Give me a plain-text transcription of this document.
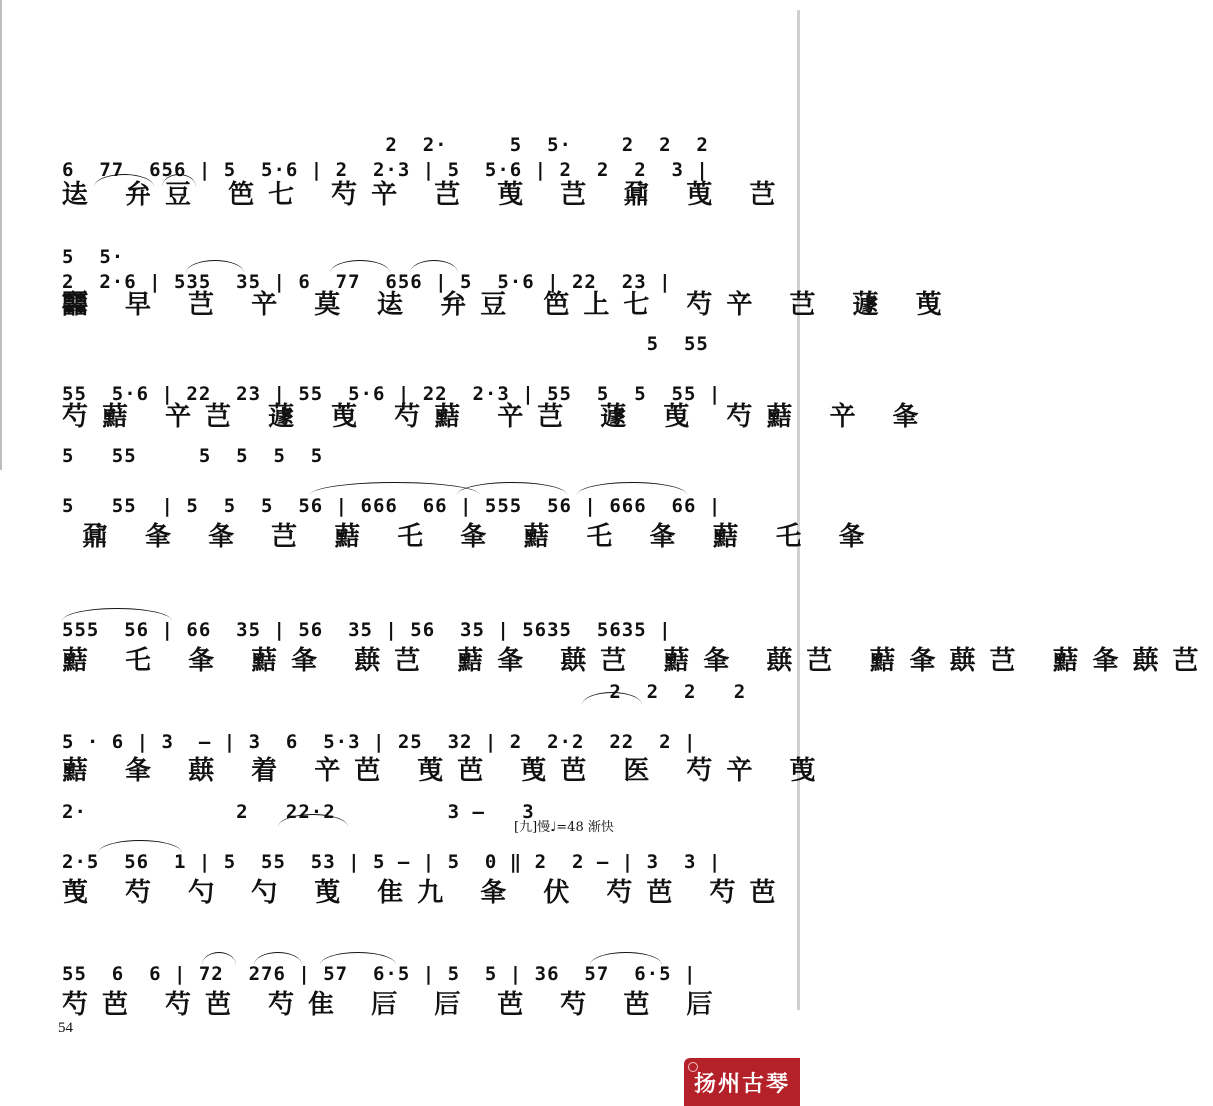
2  2·     5  5·    2  2  2

6  77  656 | 5  5·6 | 2  2·3 | 5  5·6 | 2  2  2  3 |

迲 弁豆 笆七 芍䇂 芑 䒶 芑 鼐 䒶 芑

5  5·

2  2·6 | 535  35 | 6  77  656 | 5  5·6 | 22  23 |

䨻 早 芑 䇂 莫 迲 弁豆 笆上七 芍䇂 芑 蘧 䒶

5  55

55  5·6 | 22  23 | 55  5·6 | 22  2·3 | 55  5  5  55 |

芍䕸 䇂芑 蘧 䒶 芍䕸 䇂芑 蘧 䒶 芍䕸 䇂 夆

5   55     5  5  5  5

5   55  | 5  5  5  56 | 666  66 | 555  56 | 666  66 |

鼐 夆 夆 芑 䕸 乇 夆 䕸 乇 夆 䕸 乇 夆

555  56 | 66  35 | 56  35 | 56  35 | 5635  5635 |

䕸 乇 夆 䕸夆 蕻芑 䕸夆 蕻芑 䕸夆 蕻芑 䕸夆蕻芑 䕸夆蕻芑

2  2  2   2

5 · 6 | 3  — | 3  6  5·3 | 25  32 | 2  2·2  22  2 |

䕸 夆 蕻 着 䇂芭 䒶芭 䒶芭 医 芍䇂 䒶
[九]慢♩=48 渐快

2·            2   22·2         3 —   3

2·5  56  1 | 5  55  53 | 5 — | 5  0 ‖ 2  2 — | 3  3 |

䒶 芍 勺 勺 䒶 隹九 夆 伏 芍芭 芍芭

55  6  6 | 72  276 | 57  6·5 | 5  5 | 36  57  6·5 |

芍芭 芍芭 芍隹 𥐘 𥐘 芭 芍 芭 𥐘
54
扬州古琴
